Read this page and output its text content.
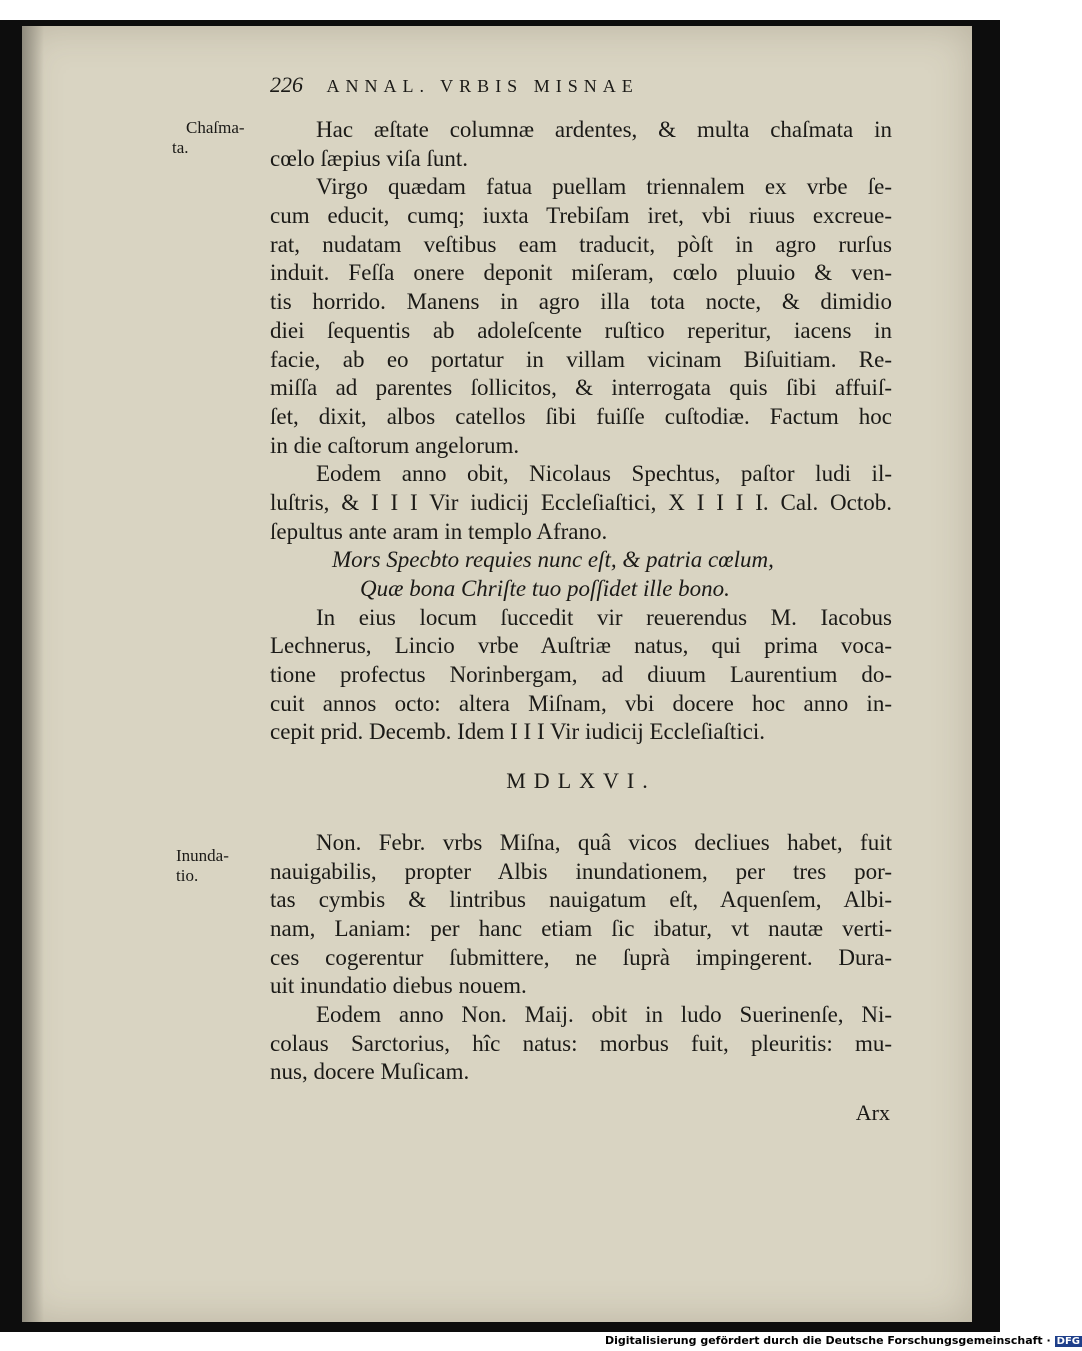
226 ANNAL. VRBIS MISNAE
Chaſma-
ta.
Inunda-
tio.
Hac æſtate columnæ ardentes, & multa chaſmata in
cœlo ſæpius viſa ſunt.
Virgo quædam fatua puellam triennalem ex vrbe ſe-
cum educit, cumq; iuxta Trebiſam iret, vbi riuus excreue-
rat, nudatam veſtibus eam traducit, pòſt in agro rurſus
induit. Feſſa onere deponit miſeram, cœlo pluuio & ven-
tis horrido. Manens in agro illa tota nocte, & dimidio
diei ſequentis ab adoleſcente ruſtico reperitur, iacens in
facie, ab eo portatur in villam vicinam Biſuitiam. Re-
miſſa ad parentes ſollicitos, & interrogata quis ſibi affuiſ-
ſet, dixit, albos catellos ſibi fuiſſe cuſtodiæ. Factum hoc
in die caſtorum angelorum.
Eodem anno obit, Nicolaus Spechtus, paſtor ludi il-
luſtris, & I I I Vir iudicij Eccleſiaſtici, X I I I I. Cal. Octob.
ſepultus ante aram in templo Afrano.
Mors Specbto requies nunc eſt, & patria cœlum,
Quæ bona Chriſte tuo poſſidet ille bono.
In eius locum ſuccedit vir reuerendus M. Iacobus
Lechnerus, Lincio vrbe Auſtriæ natus, qui prima voca-
tione profectus Norinbergam, ad diuum Laurentium do-
cuit annos octo: altera Miſnam, vbi docere hoc anno in-
cepit prid. Decemb. Idem I I I Vir iudicij Eccleſiaſtici.
MDLXVI.
Non. Febr. vrbs Miſna, quâ vicos decliues habet, fuit
nauigabilis, propter Albis inundationem, per tres por-
tas cymbis & lintribus nauigatum eſt, Aquenſem, Albi-
nam, Laniam: per hanc etiam ſic ibatur, vt nautæ verti-
ces cogerentur ſubmittere, ne ſuprà impingerent. Dura-
uit inundatio diebus nouem.
Eodem anno Non. Maij. obit in ludo Suerinenſe, Ni-
colaus Sarctorius, hîc natus: morbus fuit, pleuritis: mu-
nus, docere Muſicam.
Arx
Digitalisierung gefördert durch die Deutsche Forschungsgemeinschaft · DFG
